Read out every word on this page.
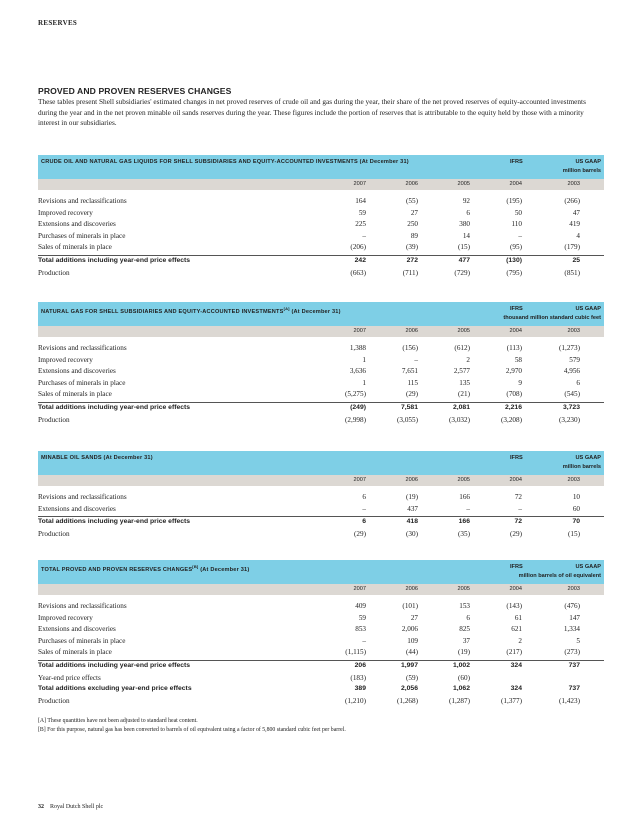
RESERVES
PROVED AND PROVEN RESERVES CHANGES
These tables present Shell subsidiaries' estimated changes in net proved reserves of crude oil and gas during the year, their share of the net proved reserves of equity-accounted investments during the year and in the net proven minable oil sands reserves during the year. These figures include the portion of reserves that is attributable to the equity held by those with a minority interest in our subsidiaries.
CRUDE OIL AND NATURAL GAS LIQUIDS FOR SHELL SUBSIDIARIES AND EQUITY-ACCOUNTED INVESTMENTS (At December 31)	IFRS	US GAAP
million barrels
2007	2006	2005	2004	2003
Revisions and reclassifications	164	(55)	92	(195)	(266)
Improved recovery	59	27	6	50	47
Extensions and discoveries	225	250	380	110	419
Purchases of minerals in place	–	89	14	–	4
Sales of minerals in place	(206)	(39)	(15)	(95)	(179)
Total additions including year-end price effects	242	272	477	(130)	25
Production	(663)	(711)	(729)	(795)	(851)
NATURAL GAS FOR SHELL SUBSIDIARIES AND EQUITY-ACCOUNTED INVESTMENTS[A] (At December 31)	IFRS	US GAAP
thousand million standard cubic feet
2007	2006	2005	2004	2003
Revisions and reclassifications	1,388	(156)	(612)	(113)	(1,273)
Improved recovery	1	–	2	58	579
Extensions and discoveries	3,636	7,651	2,577	2,970	4,956
Purchases of minerals in place	1	115	135	9	6
Sales of minerals in place	(5,275)	(29)	(21)	(708)	(545)
Total additions including year-end price effects	(249)	7,581	2,081	2,216	3,723
Production	(2,998)	(3,055)	(3,032)	(3,208)	(3,230)
MINABLE OIL SANDS (At December 31)	IFRS	US GAAP
million barrels
2007	2006	2005	2004	2003
Revisions and reclassifications	6	(19)	166	72	10
Extensions and discoveries	–	437	–	–	60
Total additions including year-end price effects	6	418	166	72	70
Production	(29)	(30)	(35)	(29)	(15)
TOTAL PROVED AND PROVEN RESERVES CHANGES[B] (At December 31)	IFRS	US GAAP
million barrels of oil equivalent
2007	2006	2005	2004	2003
Revisions and reclassifications	409	(101)	153	(143)	(476)
Improved recovery	59	27	6	61	147
Extensions and discoveries	853	2,006	825	621	1,334
Purchases of minerals in place	–	109	37	2	5
Sales of minerals in place	(1,115)	(44)	(19)	(217)	(273)
Total additions including year-end price effects	206	1,997	1,002	324	737
Year-end price effects	(183)	(59)	(60)
Total additions excluding year-end price effects	389	2,056	1,062	324	737
Production	(1,210)	(1,268)	(1,287)	(1,377)	(1,423)
[A] These quantities have not been adjusted to standard heat content.
[B] For this purpose, natural gas has been converted to barrels of oil equivalent using a factor of 5,800 standard cubic feet per barrel.
32 Royal Dutch Shell plc
